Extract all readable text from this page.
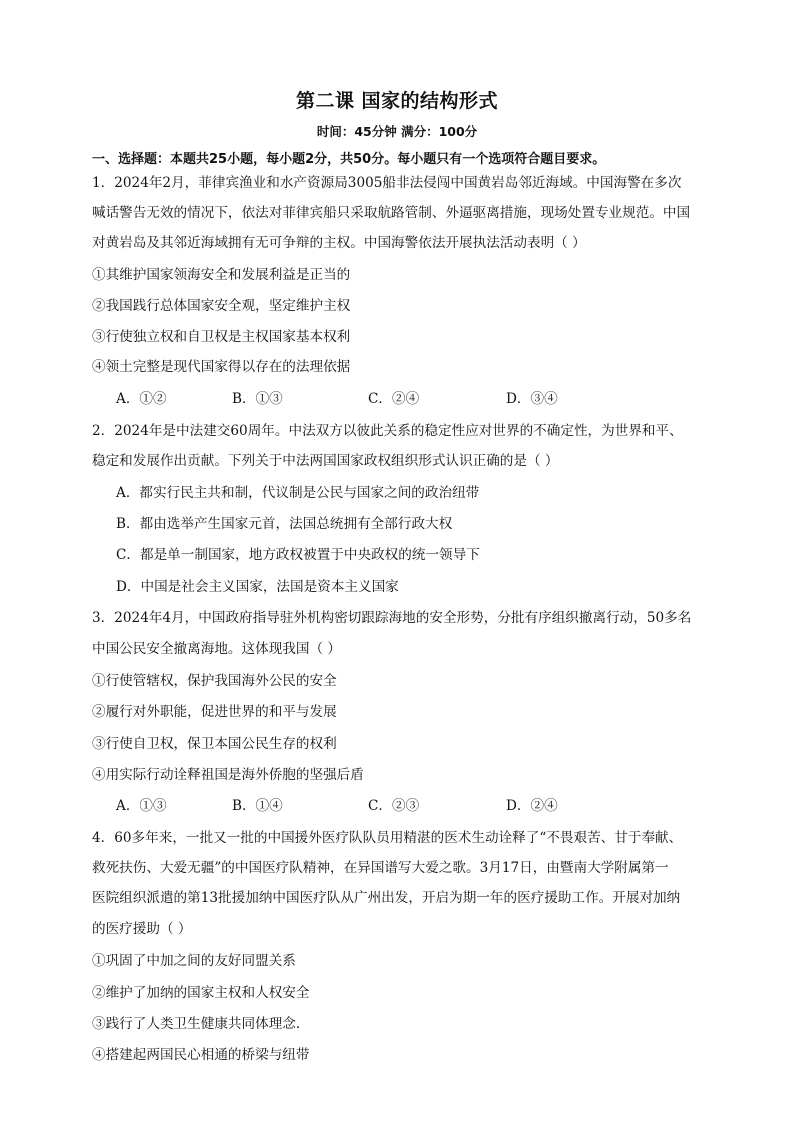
第二课 国家的结构形式
时间：45分钟 满分：100分
一、选择题：本题共25小题，每小题2分，共50分。每小题只有一个选项符合题目要求。
1．2024年2月，菲律宾渔业和水产资源局3005船非法侵闯中国黄岩岛邻近海域。中国海警在多次
喊话警告无效的情况下，依法对菲律宾船只采取航路管制、外逼驱离措施，现场处置专业规范。中国
对黄岩岛及其邻近海域拥有无可争辩的主权。中国海警依法开展执法活动表明（ ）
①其维护国家领海安全和发展利益是正当的
②我国践行总体国家安全观，坚定维护主权
③行使独立权和自卫权是主权国家基本权利
④领土完整是现代国家得以存在的法理依据
A．①②	B．①③	C．②④	D．③④
2．2024年是中法建交60周年。中法双方以彼此关系的稳定性应对世界的不确定性，为世界和平、
稳定和发展作出贡献。下列关于中法两国国家政权组织形式认识正确的是（ ）
A．都实行民主共和制，代议制是公民与国家之间的政治纽带
B．都由选举产生国家元首，法国总统拥有全部行政大权
C．都是单一制国家，地方政权被置于中央政权的统一领导下
D．中国是社会主义国家，法国是资本主义国家
3．2024年4月，中国政府指导驻外机构密切跟踪海地的安全形势，分批有序组织撤离行动，50多名
中国公民安全撤离海地。这体现我国（ ）
①行使管辖权，保护我国海外公民的安全
②履行对外职能，促进世界的和平与发展
③行使自卫权，保卫本国公民生存的权利
④用实际行动诠释祖国是海外侨胞的坚强后盾
A．①③	B．①④	C．②③	D．②④
4．60多年来，一批又一批的中国援外医疗队队员用精湛的医术生动诠释了“不畏艰苦、甘于奉献、
救死扶伤、大爱无疆”的中国医疗队精神，在异国谱写大爱之歌。3月17日，由暨南大学附属第一
医院组织派遣的第13批援加纳中国医疗队从广州出发，开启为期一年的医疗援助工作。开展对加纳
的医疗援助（ ）
①巩固了中加之间的友好同盟关系
②维护了加纳的国家主权和人权安全
③践行了人类卫生健康共同体理念.
④搭建起两国民心相通的桥梁与纽带
